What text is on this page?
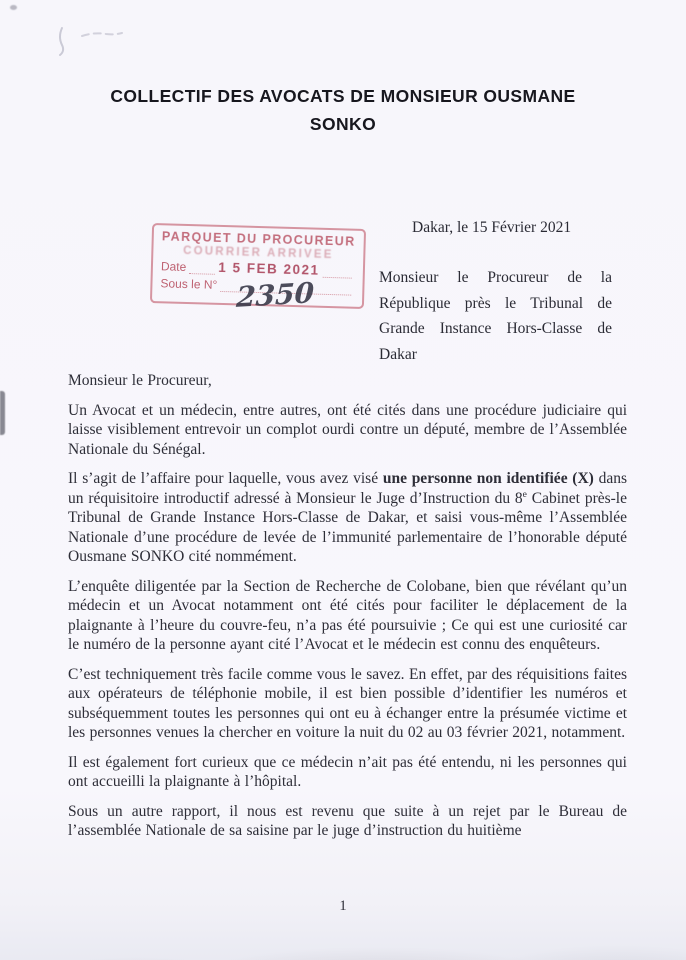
COLLECTIF DES AVOCATS DE MONSIEUR OUSMANE
SONKO
PARQUET DU PROCUREUR
COURRIER ARRIVEE
Date 1 5 FEB 2021
Sous le N° 2350
Dakar, le 15 Février 2021
Monsieur le Procureur de la République près le Tribunal de Grande Instance Hors-Classe de Dakar

Monsieur le Procureur,

Un Avocat et un médecin, entre autres, ont été cités dans une procédure judiciaire qui laisse visiblement entrevoir un complot ourdi contre un député, membre de l’Assemblée Nationale du Sénégal.

Il s’agit de l’affaire pour laquelle, vous avez visé une personne non identifiée (X) dans un réquisitoire introductif adressé à Monsieur le Juge d’Instruction du 8e Cabinet près-le Tribunal de Grande Instance Hors-Classe de Dakar, et saisi vous-même l’Assemblée Nationale d’une procédure de levée de l’immunité parlementaire de l’honorable député Ousmane SONKO cité nommément.

L’enquête diligentée par la Section de Recherche de Colobane, bien que révélant qu’un médecin et un Avocat notamment ont été cités pour faciliter le déplacement de la plaignante à l’heure du couvre-feu, n’a pas été poursuivie ; Ce qui est une curiosité car le numéro de la personne ayant cité l’Avocat et le médecin est connu des enquêteurs.

C’est techniquement très facile comme vous le savez. En effet, par des réquisitions faites aux opérateurs de téléphonie mobile, il est bien possible d’identifier les numéros et subséquemment toutes les personnes qui ont eu à échanger entre la présumée victime et les personnes venues la chercher en voiture la nuit du 02 au 03 février 2021, notamment.

Il est également fort curieux que ce médecin n’ait pas été entendu, ni les personnes qui ont accueilli la plaignante à l’hôpital.

Sous un autre rapport, il nous est revenu que suite à un rejet par le Bureau de l’assemblée Nationale de sa saisine par le juge d’instruction du huitième

1
